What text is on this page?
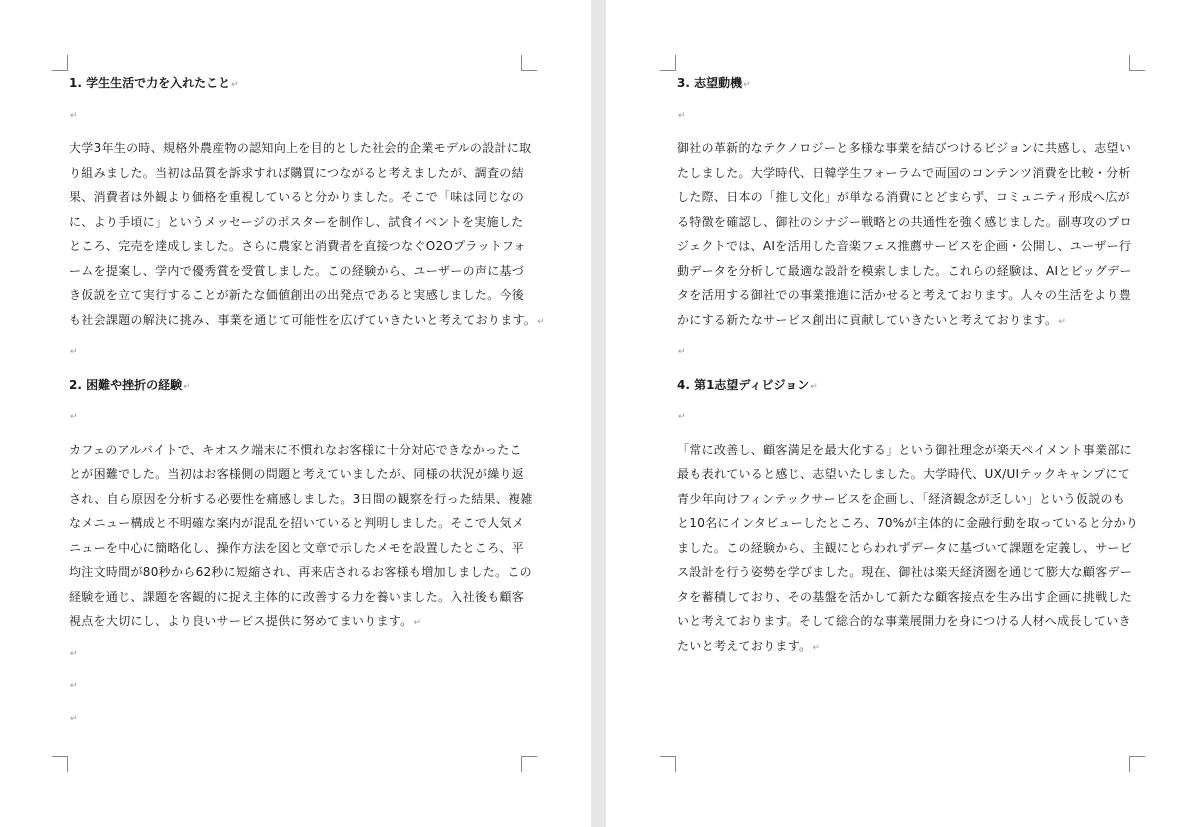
1. 学生生活で力を入れたこと↵
↵
大学3年生の時、規格外農産物の認知向上を目的とした社会的企業モデルの設計に取
り組みました。当初は品質を訴求すれば購買につながると考えましたが、調査の結
果、消費者は外観より価格を重視していると分かりました。そこで「味は同じなの
に、より手頃に」というメッセージのポスターを制作し、試食イベントを実施した
ところ、完売を達成しました。さらに農家と消費者を直接つなぐO2Oプラットフォ
ームを提案し、学内で優秀賞を受賞しました。この経験から、ユーザーの声に基づ
き仮説を立て実行することが新たな価値創出の出発点であると実感しました。今後
も社会課題の解決に挑み、事業を通じて可能性を広げていきたいと考えております。↵
↵
2. 困難や挫折の経験↵
↵
カフェのアルバイトで、キオスク端末に不慣れなお客様に十分対応できなかったこ
とが困難でした。当初はお客様側の問題と考えていましたが、同様の状況が繰り返
され、自ら原因を分析する必要性を痛感しました。3日間の観察を行った結果、複雑
なメニュー構成と不明確な案内が混乱を招いていると判明しました。そこで人気メ
ニューを中心に簡略化し、操作方法を図と文章で示したメモを設置したところ、平
均注文時間が80秒から62秒に短縮され、再来店されるお客様も増加しました。この
経験を通じ、課題を客観的に捉え主体的に改善する力を養いました。入社後も顧客
視点を大切にし、より良いサービス提供に努めてまいります。↵
↵
↵
↵
3. 志望動機↵
↵
御社の革新的なテクノロジーと多様な事業を結びつけるビジョンに共感し、志望い
たしました。大学時代、日韓学生フォーラムで両国のコンテンツ消費を比較・分析
した際、日本の「推し文化」が単なる消費にとどまらず、コミュニティ形成へ広が
る特徴を確認し、御社のシナジー戦略との共通性を強く感じました。副専攻のプロ
ジェクトでは、AIを活用した音楽フェス推薦サービスを企画・公開し、ユーザー行
動データを分析して最適な設計を模索しました。これらの経験は、AIとビッグデー
タを活用する御社での事業推進に活かせると考えております。人々の生活をより豊
かにする新たなサービス創出に貢献していきたいと考えております。↵
↵
4. 第1志望ディビジョン↵
↵
「常に改善し、顧客満足を最大化する」という御社理念が楽天ペイメント事業部に
最も表れていると感じ、志望いたしました。大学時代、UX/UIテックキャンプにて
青少年向けフィンテックサービスを企画し、「経済観念が乏しい」という仮説のも
と10名にインタビューしたところ、70%が主体的に金融行動を取っていると分かり
ました。この経験から、主観にとらわれずデータに基づいて課題を定義し、サービ
ス設計を行う姿勢を学びました。現在、御社は楽天経済圏を通じて膨大な顧客デー
タを蓄積しており、その基盤を活かして新たな顧客接点を生み出す企画に挑戦した
いと考えております。そして総合的な事業展開力を身につける人材へ成長していき
たいと考えております。↵
